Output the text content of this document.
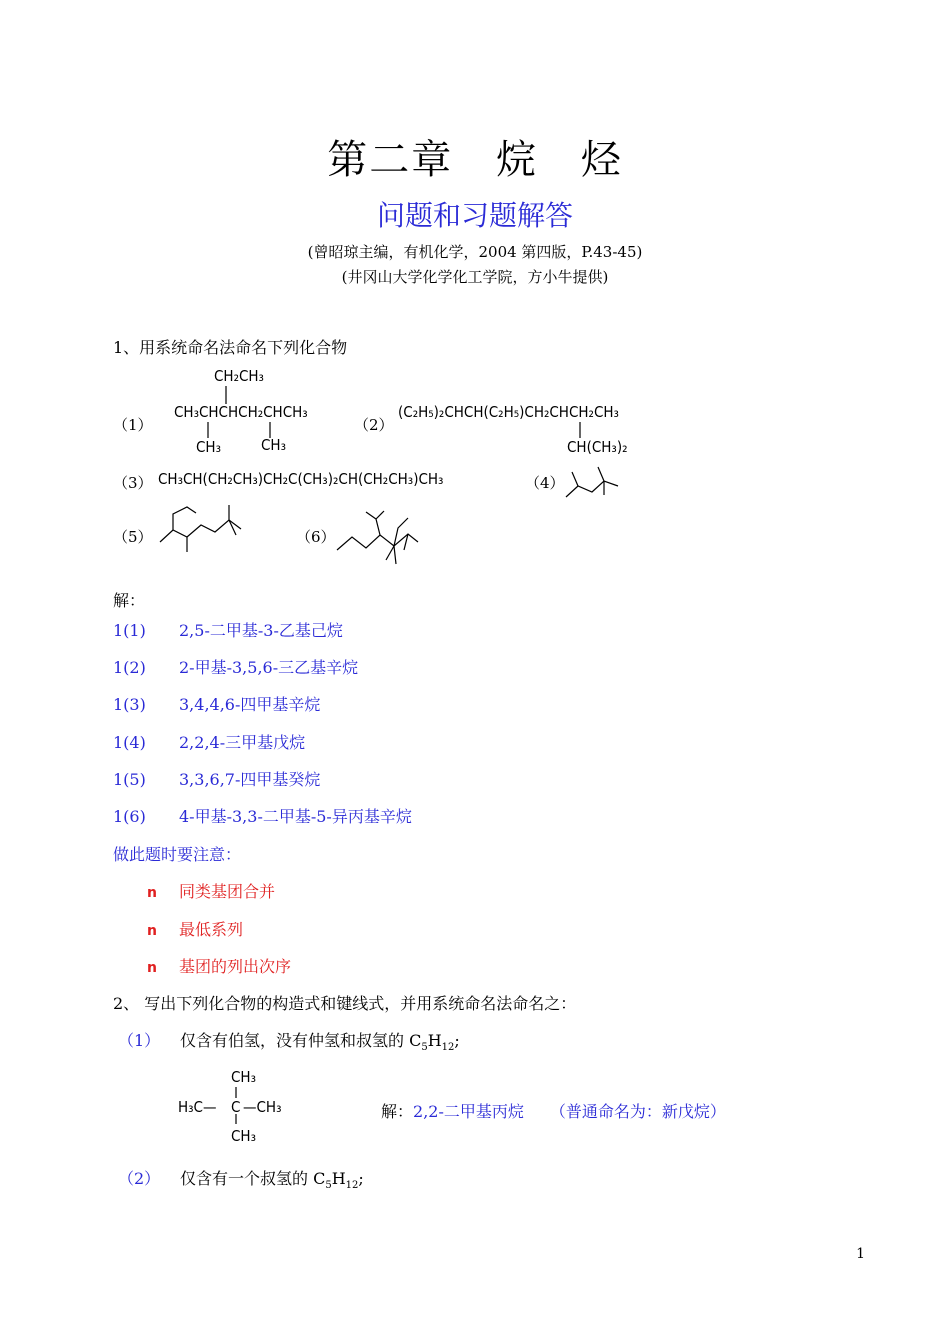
第二章 烷 烃
问题和习题解答
(曾昭琼主编，有机化学，2004 第四版，P.43-45)
(井冈山大学化学化工学院，方小牛提供)
1、用系统命名法命名下列化合物
（1）
CH₂CH₃
CH₃CHCHCH₂CHCH₃
CH₃	CH₃
（2）
(C₂H₅)₂CHCH(C₂H₅)CH₂CHCH₂CH₃
CH(CH₃)₂
（3） CH₃CH(CH₂CH₃)CH₂C(CH₃)₂CH(CH₂CH₃)CH₃	（4）
（5）	（6）
解：
1(1) 2,5-二甲基-3-乙基己烷
1(2) 2-甲基-3,5,6-三乙基辛烷
1(3) 3,4,4,6-四甲基辛烷
1(4) 2,2,4-三甲基戊烷
1(5) 3,3,6,7-四甲基癸烷
1(6) 4-甲基-3,3-二甲基-5-异丙基辛烷
做此题时要注意：
n 同类基团合并
n 最低系列
n 基团的列出次序
2、 写出下列化合物的构造式和键线式，并用系统命名法命名之：
（1） 仅含有伯氢，没有仲氢和叔氢的 $C_5H_{12}$;
CH₃
H₃C— C —CH₃
CH₃
解：2,2-二甲基丙烷 （普通命名为：新戊烷）
（2） 仅含有一个叔氢的 $C_5H_{12}$;
1
